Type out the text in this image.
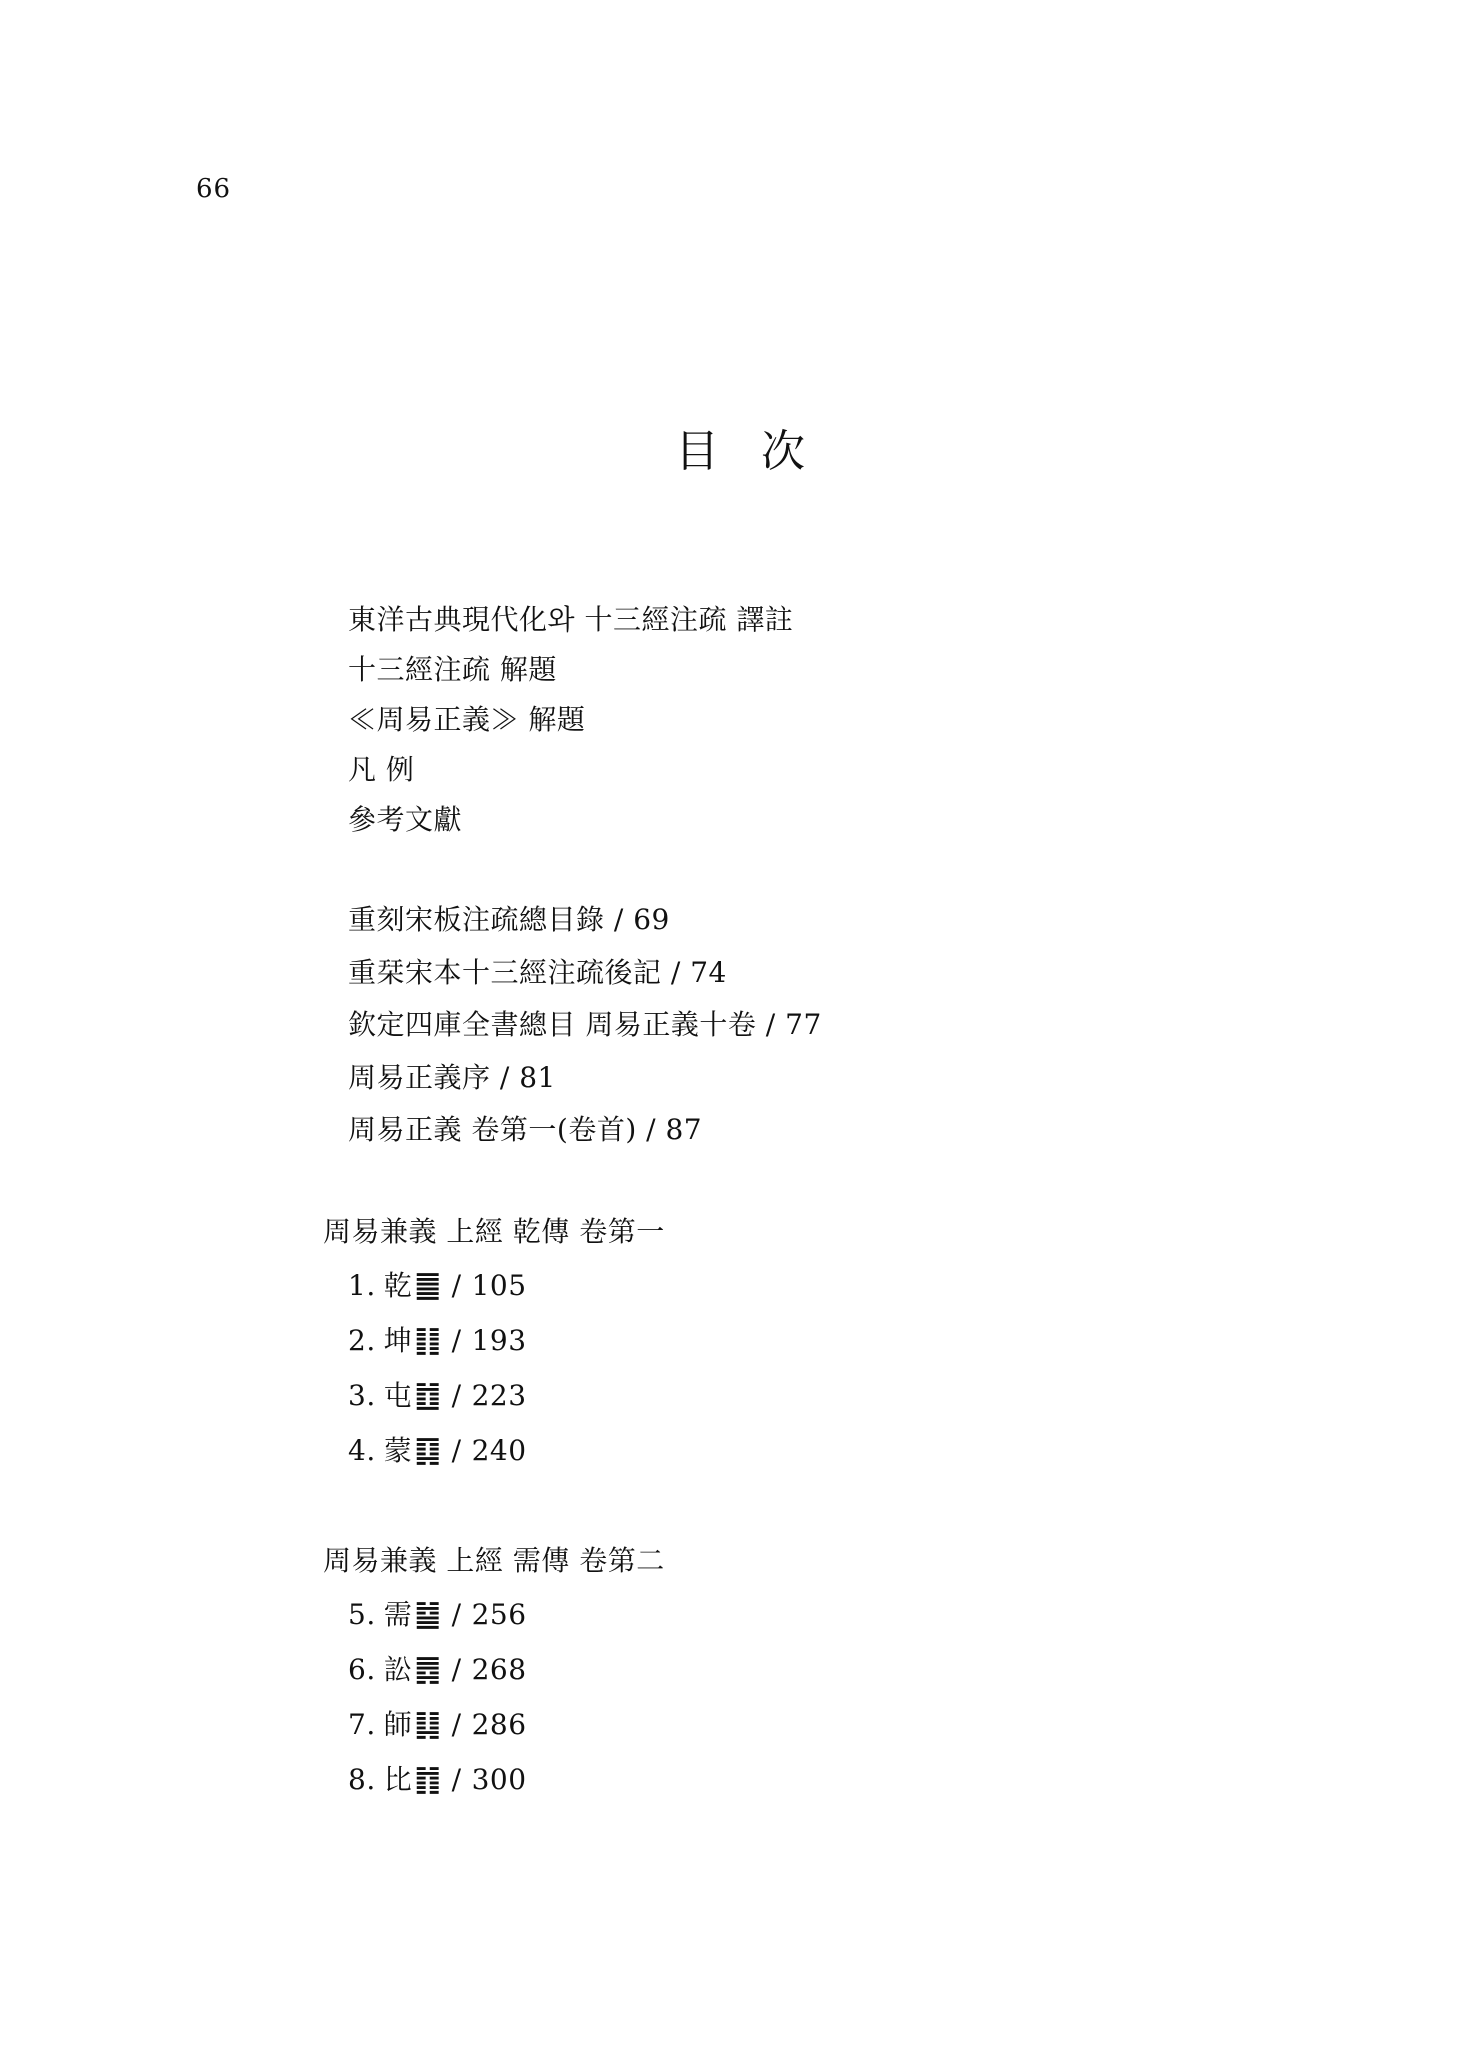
66
目 次
東洋古典現代化와 十三經注疏 譯註
十三經注疏 解題
≪周易正義≫ 解題
凡 例
參考文獻
重刻宋板注疏總目錄 / 69
重栞宋本十三經注疏後記 / 74
欽定四庫全書總目 周易正義十卷 / 77
周易正義序 / 81
周易正義 卷第一(卷首) / 87
周易兼義 上經 乾傳 卷第一
1. 乾䷀ / 105
2. 坤䷁ / 193
3. 屯䷂ / 223
4. 蒙䷃ / 240
周易兼義 上經 需傳 卷第二
5. 需䷄ / 256
6. 訟䷅ / 268
7. 師䷆ / 286
8. 比䷇ / 300
